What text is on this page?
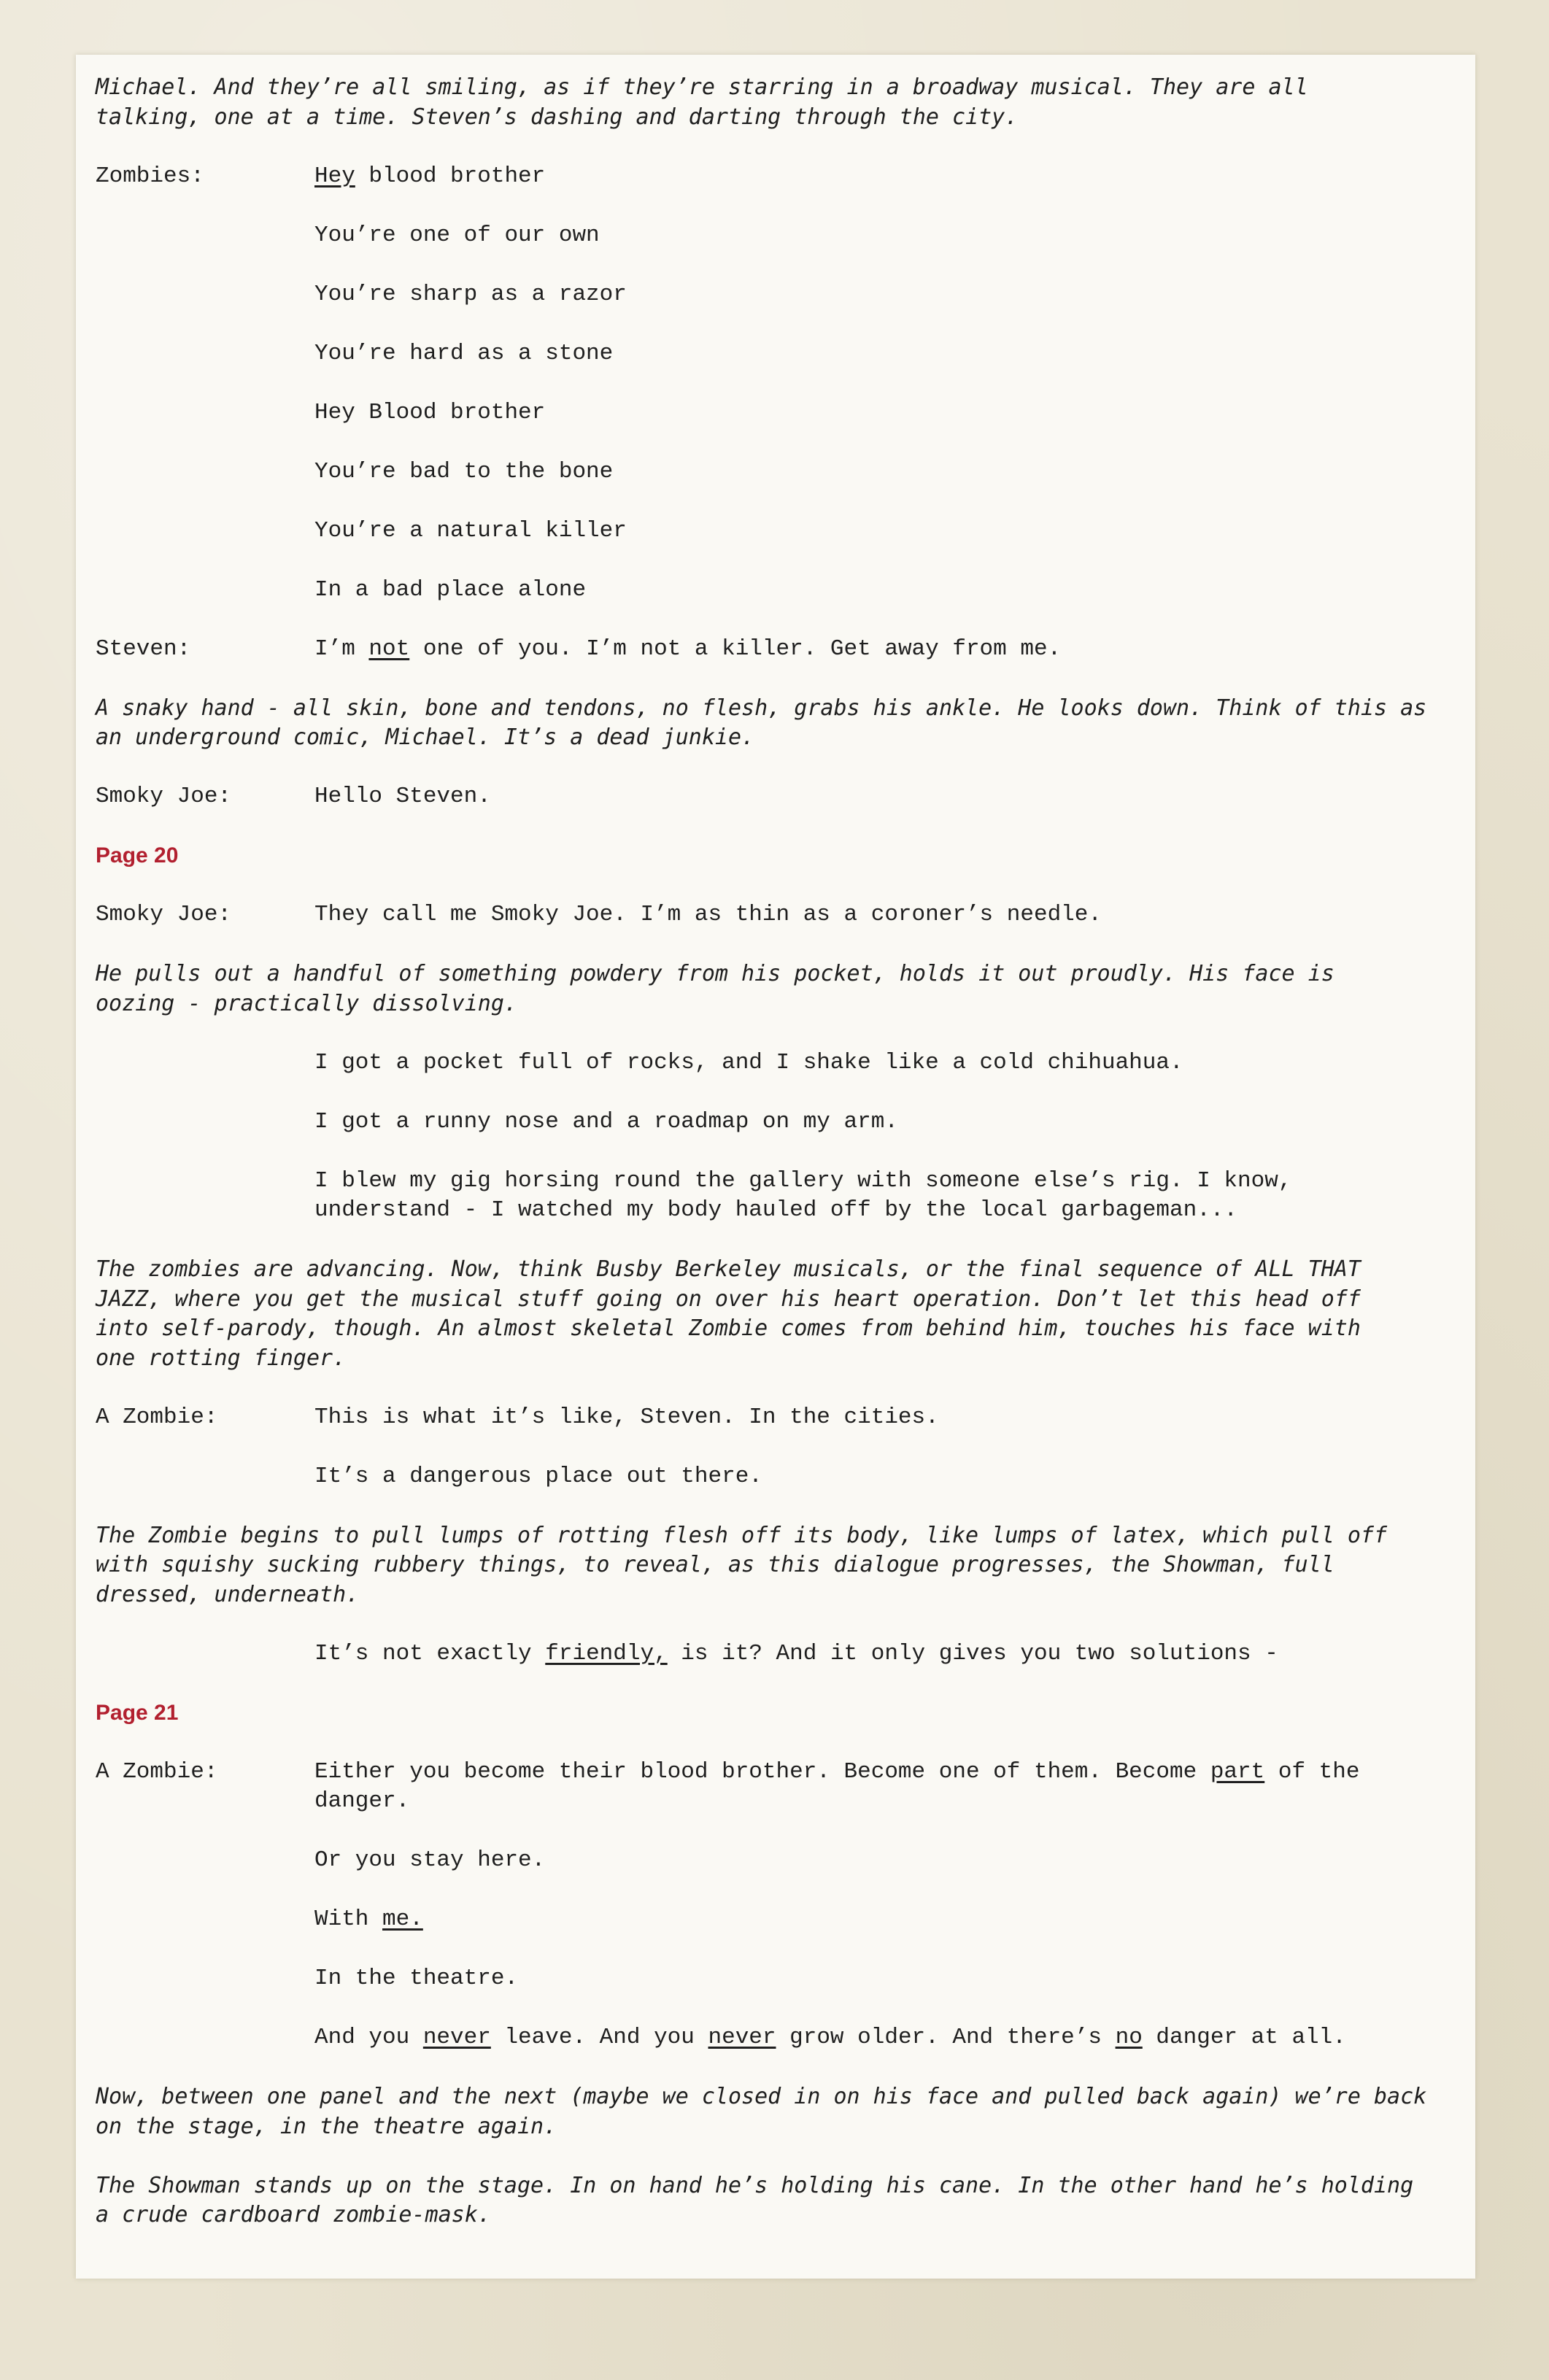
Michael. And they’re all smiling, as if they’re starring in a broadway musical. They are all
talking, one at a time. Steven’s dashing and darting through the city.

Zombies:	Hey blood brother

You’re one of our own

You’re sharp as a razor

You’re hard as a stone

Hey Blood brother

You’re bad to the bone

You’re a natural killer

In a bad place alone

Steven:	I’m not one of you. I’m not a killer. Get away from me.

A snaky hand - all skin, bone and tendons, no flesh, grabs his ankle. He looks down. Think of this as
an underground comic, Michael. It’s a dead junkie.

Smoky Joe:	Hello Steven.

Page 20

Smoky Joe:	They call me Smoky Joe. I’m as thin as a coroner’s needle.

He pulls out a handful of something powdery from his pocket, holds it out proudly. His face is
oozing - practically dissolving.

I got a pocket full of rocks, and I shake like a cold chihuahua.

I got a runny nose and a roadmap on my arm.

I blew my gig horsing round the gallery with someone else’s rig. I know,
understand - I watched my body hauled off by the local garbageman...

The zombies are advancing. Now, think Busby Berkeley musicals, or the final sequence of ALL THAT
JAZZ, where you get the musical stuff going on over his heart operation. Don’t let this head off
into self-parody, though. An almost skeletal Zombie comes from behind him, touches his face with
one rotting finger.

A Zombie:	This is what it’s like, Steven. In the cities.

It’s a dangerous place out there.

The Zombie begins to pull lumps of rotting flesh off its body, like lumps of latex, which pull off
with squishy sucking rubbery things, to reveal, as this dialogue progresses, the Showman, full
dressed, underneath.

It’s not exactly friendly, is it? And it only gives you two solutions -

Page 21

A Zombie:	Either you become their blood brother. Become one of them. Become part of the
danger.

Or you stay here.

With me.

In the theatre.

And you never leave. And you never grow older. And there’s no danger at all.

Now, between one panel and the next (maybe we closed in on his face and pulled back again) we’re back
on the stage, in the theatre again.

The Showman stands up on the stage. In on hand he’s holding his cane. In the other hand he’s holding
a crude cardboard zombie-mask.
